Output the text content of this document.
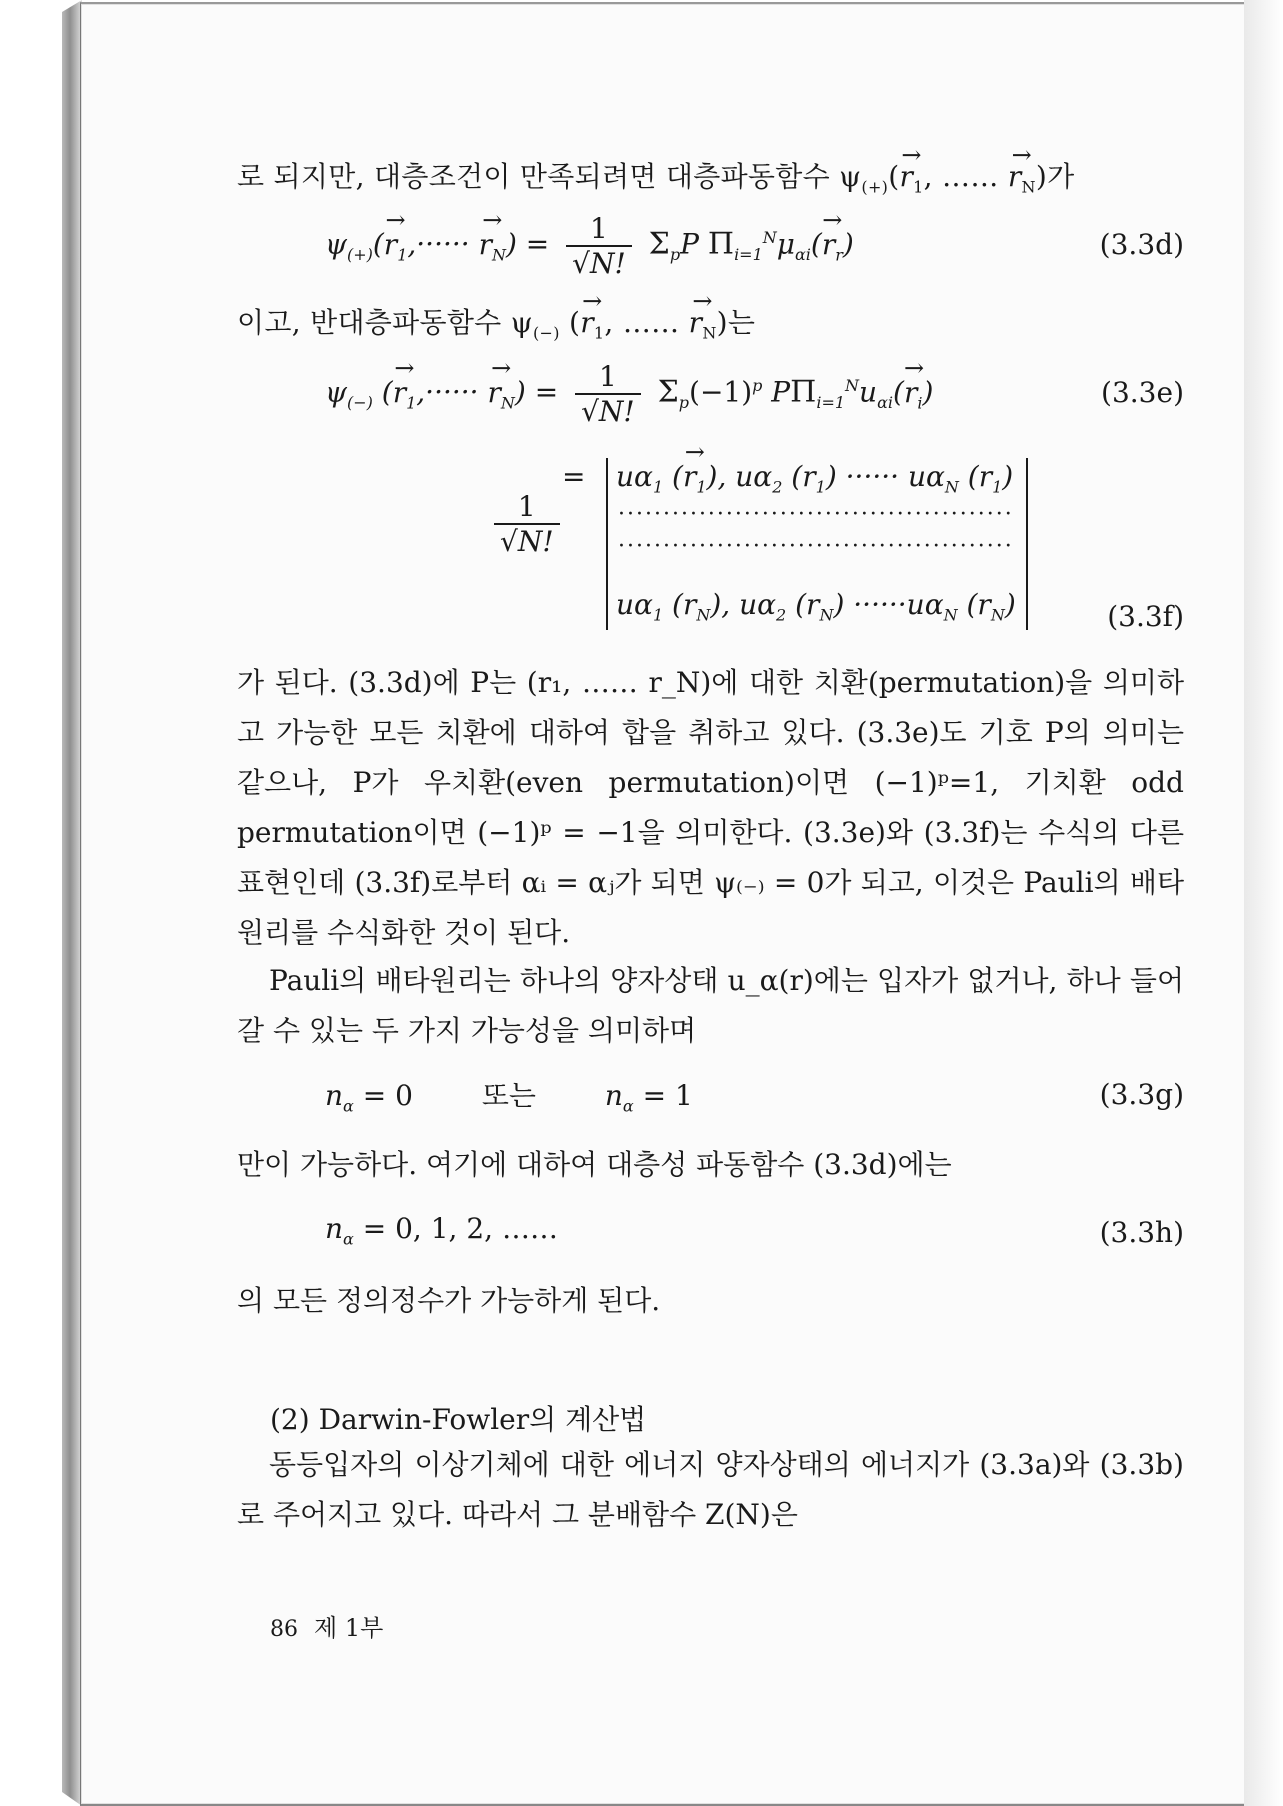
로 되지만, 대층조건이 만족되려면 대층파동함수 $\psi_{(+)}(\to r_1$, …… → $r_N$)가
$\psi_{(+)}(\to r_1,\cdot\cdot\cdot\cdot\cdot\cdot \to r_N) = \frac{1}{√N!} \Sigma_pP$ $\Pi_{i=1}^N\mu_{\alpha i}(\to r_r)$	(3.3d)
이고, 반대층파동함수 $\psi_{(-)}$ (→ $r_1$, …… → $r_N$)는
$\psi_{(-)}$ (→ $r_1,\cdot\cdot\cdot\cdot\cdot\cdot \to r_N) = \frac{1}{√N!} \Sigma_p(-1)^p$ $P\Pi_{i=1}^Nu_{\alpha i}(\to r_i)$	(3.3e)
=
$\frac{1}{√N!}$
$u\alpha_1$ (→ $r_1$), $u\alpha_2$ $(r_1)$ ······ $u\alpha_N$ $(r_1)$
············································
············································
$u\alpha_1$ $(r_N)$, $u\alpha_2$ $(r_N) \cdot\cdot\cdot\cdot\cdot\cdot u\alpha_N$ $(r_N)$	(3.3f)
가 된다. (3.3d)에 P는 (r₁, …… r_N)에 대한 치환(permutation)을 의미하고 가능한 모든 치환에 대하여 합을 취하고 있다. (3.3e)도 기호 P의 의미는 같으나, P가 우치환(even permutation)이면 (−1)ᵖ=1, 기치환 odd permutation이면 (−1)ᵖ = −1을 의미한다. (3.3e)와 (3.3f)는 수식의 다른 표현인데 (3.3f)로부터 αᵢ = αⱼ가 되면 ψ₍₋₎ = 0가 되고, 이것은 Pauli의 배타원리를 수식화한 것이 된다.
Pauli의 배타원리는 하나의 양자상태 u_α(r)에는 입자가 없거나, 하나 들어갈 수 있는 두 가지 가능성을 의미하며
$n_\alpha = 0$ 또는 $n_\alpha = 1$	(3.3g)
만이 가능하다. 여기에 대하여 대층성 파동함수 (3.3d)에는
$n_\alpha = 0$, 1, 2, ……	(3.3h)
의 모든 정의정수가 가능하게 된다.
(2) Darwin-Fowler의 계산법
동등입자의 이상기체에 대한 에너지 양자상태의 에너지가 (3.3a)와 (3.3b)로 주어지고 있다. 따라서 그 분배함수 Z(N)은
86 제 1부
